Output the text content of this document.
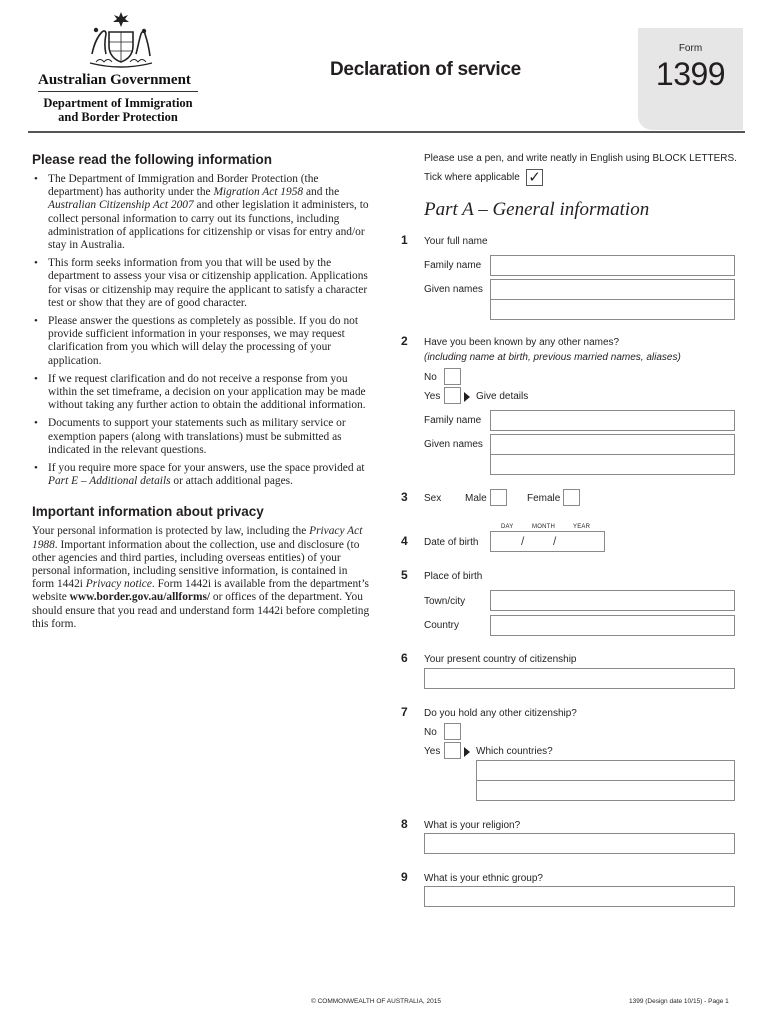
Australian Government
Department of Immigration
and Border Protection
Declaration of service
Form
1399
Please read the following information
• The Department of Immigration and Border Protection (the department) has authority under the Migration Act 1958 and the Australian Citizenship Act 2007 and other legislation it administers, to collect personal information to carry out its functions, including administration of applications for citizenship or visas for entry and/or stay in Australia.
• This form seeks information from you that will be used by the department to assess your visa or citizenship application. Applications for visas or citizenship may require the applicant to satisfy a character test or show that they are of good character.
• Please answer the questions as completely as possible. If you do not provide sufficient information in your responses, we may request clarification from you which will delay the processing of your application.
• If we request clarification and do not receive a response from you within the set timeframe, a decision on your application may be made without taking any further action to obtain the additional information.
• Documents to support your statements such as military service or exemption papers (along with translations) must be submitted as indicated in the relevant questions.
• If you require more space for your answers, use the space provided at Part E – Additional details or attach additional pages.
Important information about privacy

Your personal information is protected by law, including the Privacy Act 1988. Important information about the collection, use and disclosure (to other agencies and third parties, including overseas entities) of your personal information, including sensitive information, is contained in form 1442i Privacy notice. Form 1442i is available from the department’s website www.border.gov.au/allforms/ or offices of the department. You should ensure that you read and understand form 1442i before completing this form.

Please use a pen, and write neatly in English using BLOCK LETTERS.
Tick where applicable ✓
Part A – General information
1 Your full name
Family name
Given names
2 Have you been known by any other names?
(including name at birth, previous married names, aliases)
No
Yes	Give details
Family name
Given names
3 Sex Male	Female
DAY	MONTH	YEAR
4 Date of birth	/ /
5 Place of birth
Town/city
Country
6 Your present country of citizenship
7 Do you hold any other citizenship?
No
Yes	Which countries?
8 What is your religion?
9 What is your ethnic group?
© COMMONWEALTH OF AUSTRALIA, 2015	1399 (Design date 10/15) - Page 1
